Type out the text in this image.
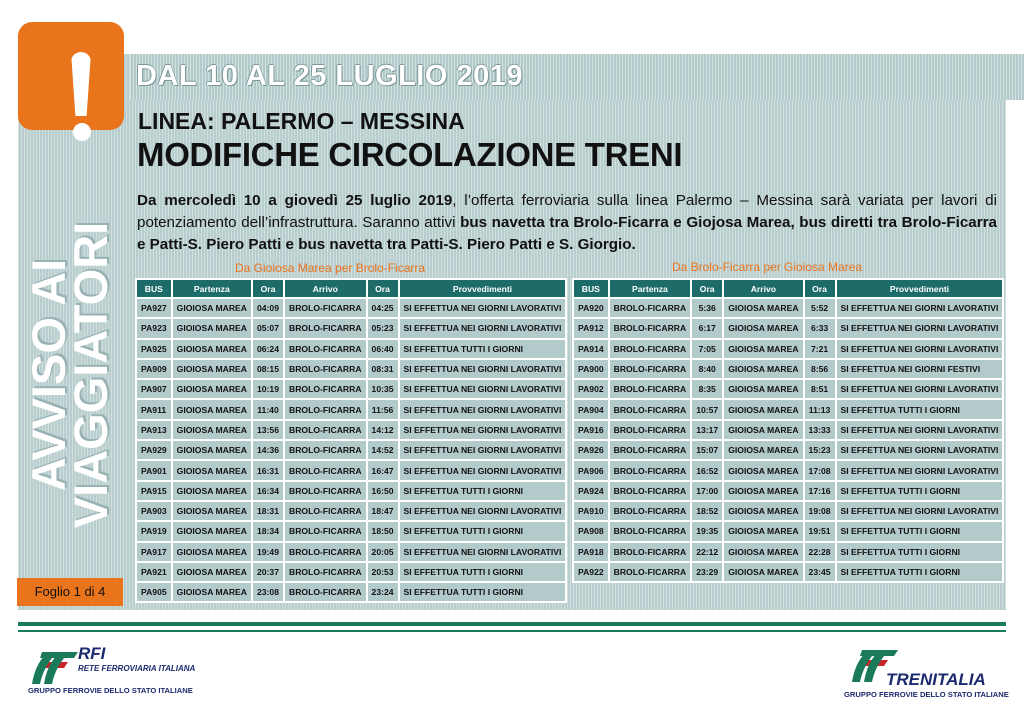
DAL 10 AL 25 LUGLIO 2019
LINEA: PALERMO – MESSINA
MODIFICHE CIRCOLAZIONE TRENI
AVVISO AI
VIAGGIATORI
Foglio 1 di 4
Da mercoledì 10 a giovedì 25 luglio 2019, l’offerta ferroviaria sulla linea Palermo – Messina sarà variata per lavori di potenziamento dell’infrastruttura. Saranno attivi bus navetta tra Brolo-Ficarra e Giojosa Marea, bus diretti tra Brolo-Ficarra e Patti-S. Piero Patti e bus navetta tra Patti-S. Piero Patti e S. Giorgio.
Da Gioiosa Marea per Brolo-Ficarra	Da Brolo-Ficarra per Gioiosa Marea
BUS	Partenza	Ora	Arrivo	Ora	Provvedimenti
PA927	GIOIOSA MAREA	04:09	BROLO-FICARRA	04:25	SI EFFETTUA NEI GIORNI LAVORATIVI
PA923	GIOIOSA MAREA	05:07	BROLO-FICARRA	05:23	SI EFFETTUA NEI GIORNI LAVORATIVI
PA925	GIOIOSA MAREA	06:24	BROLO-FICARRA	06:40	SI EFFETTUA TUTTI I GIORNI
PA909	GIOIOSA MAREA	08:15	BROLO-FICARRA	08:31	SI EFFETTUA NEI GIORNI LAVORATIVI
PA907	GIOIOSA MAREA	10:19	BROLO-FICARRA	10:35	SI EFFETTUA NEI GIORNI LAVORATIVI
PA911	GIOIOSA MAREA	11:40	BROLO-FICARRA	11:56	SI EFFETTUA NEI GIORNI LAVORATIVI
PA913	GIOIOSA MAREA	13:56	BROLO-FICARRA	14:12	SI EFFETTUA NEI GIORNI LAVORATIVI
PA929	GIOIOSA MAREA	14:36	BROLO-FICARRA	14:52	SI EFFETTUA NEI GIORNI LAVORATIVI
PA901	GIOIOSA MAREA	16:31	BROLO-FICARRA	16:47	SI EFFETTUA NEI GIORNI LAVORATIVI
PA915	GIOIOSA MAREA	16:34	BROLO-FICARRA	16:50	SI EFFETTUA TUTTI I GIORNI
PA903	GIOIOSA MAREA	18:31	BROLO-FICARRA	18:47	SI EFFETTUA NEI GIORNI LAVORATIVI
PA919	GIOIOSA MAREA	18:34	BROLO-FICARRA	18:50	SI EFFETTUA TUTTI I GIORNI
PA917	GIOIOSA MAREA	19:49	BROLO-FICARRA	20:05	SI EFFETTUA NEI GIORNI LAVORATIVI
PA921	GIOIOSA MAREA	20:37	BROLO-FICARRA	20:53	SI EFFETTUA TUTTI I GIORNI
PA905	GIOIOSA MAREA	23:08	BROLO-FICARRA	23:24	SI EFFETTUA TUTTI I GIORNI
BUS	Partenza	Ora	Arrivo	Ora	Provvedimenti
PA920	BROLO-FICARRA	5:36	GIOIOSA MAREA	5:52	SI EFFETTUA NEI GIORNI LAVORATIVI
PA912	BROLO-FICARRA	6:17	GIOIOSA MAREA	6:33	SI EFFETTUA NEI GIORNI LAVORATIVI
PA914	BROLO-FICARRA	7:05	GIOIOSA MAREA	7:21	SI EFFETTUA NEI GIORNI LAVORATIVI
PA900	BROLO-FICARRA	8:40	GIOIOSA MAREA	8:56	SI EFFETTUA NEI GIORNI FESTIVI
PA902	BROLO-FICARRA	8:35	GIOIOSA MAREA	8:51	SI EFFETTUA NEI GIORNI LAVORATIVI
PA904	BROLO-FICARRA	10:57	GIOIOSA MAREA	11:13	SI EFFETTUA TUTTI I GIORNI
PA916	BROLO-FICARRA	13:17	GIOIOSA MAREA	13:33	SI EFFETTUA NEI GIORNI LAVORATIVI
PA926	BROLO-FICARRA	15:07	GIOIOSA MAREA	15:23	SI EFFETTUA NEI GIORNI LAVORATIVI
PA906	BROLO-FICARRA	16:52	GIOIOSA MAREA	17:08	SI EFFETTUA NEI GIORNI LAVORATIVI
PA924	BROLO-FICARRA	17:00	GIOIOSA MAREA	17:16	SI EFFETTUA TUTTI I GIORNI
PA910	BROLO-FICARRA	18:52	GIOIOSA MAREA	19:08	SI EFFETTUA NEI GIORNI LAVORATIVI
PA908	BROLO-FICARRA	19:35	GIOIOSA MAREA	19:51	SI EFFETTUA TUTTI I GIORNI
PA918	BROLO-FICARRA	22:12	GIOIOSA MAREA	22:28	SI EFFETTUA TUTTI I GIORNI
PA922	BROLO-FICARRA	23:29	GIOIOSA MAREA	23:45	SI EFFETTUA TUTTI I GIORNI
RFI
RETE FERROVIARIA ITALIANA
GRUPPO FERROVIE DELLO STATO ITALIANE
TRENITALIA
GRUPPO FERROVIE DELLO STATO ITALIANE
